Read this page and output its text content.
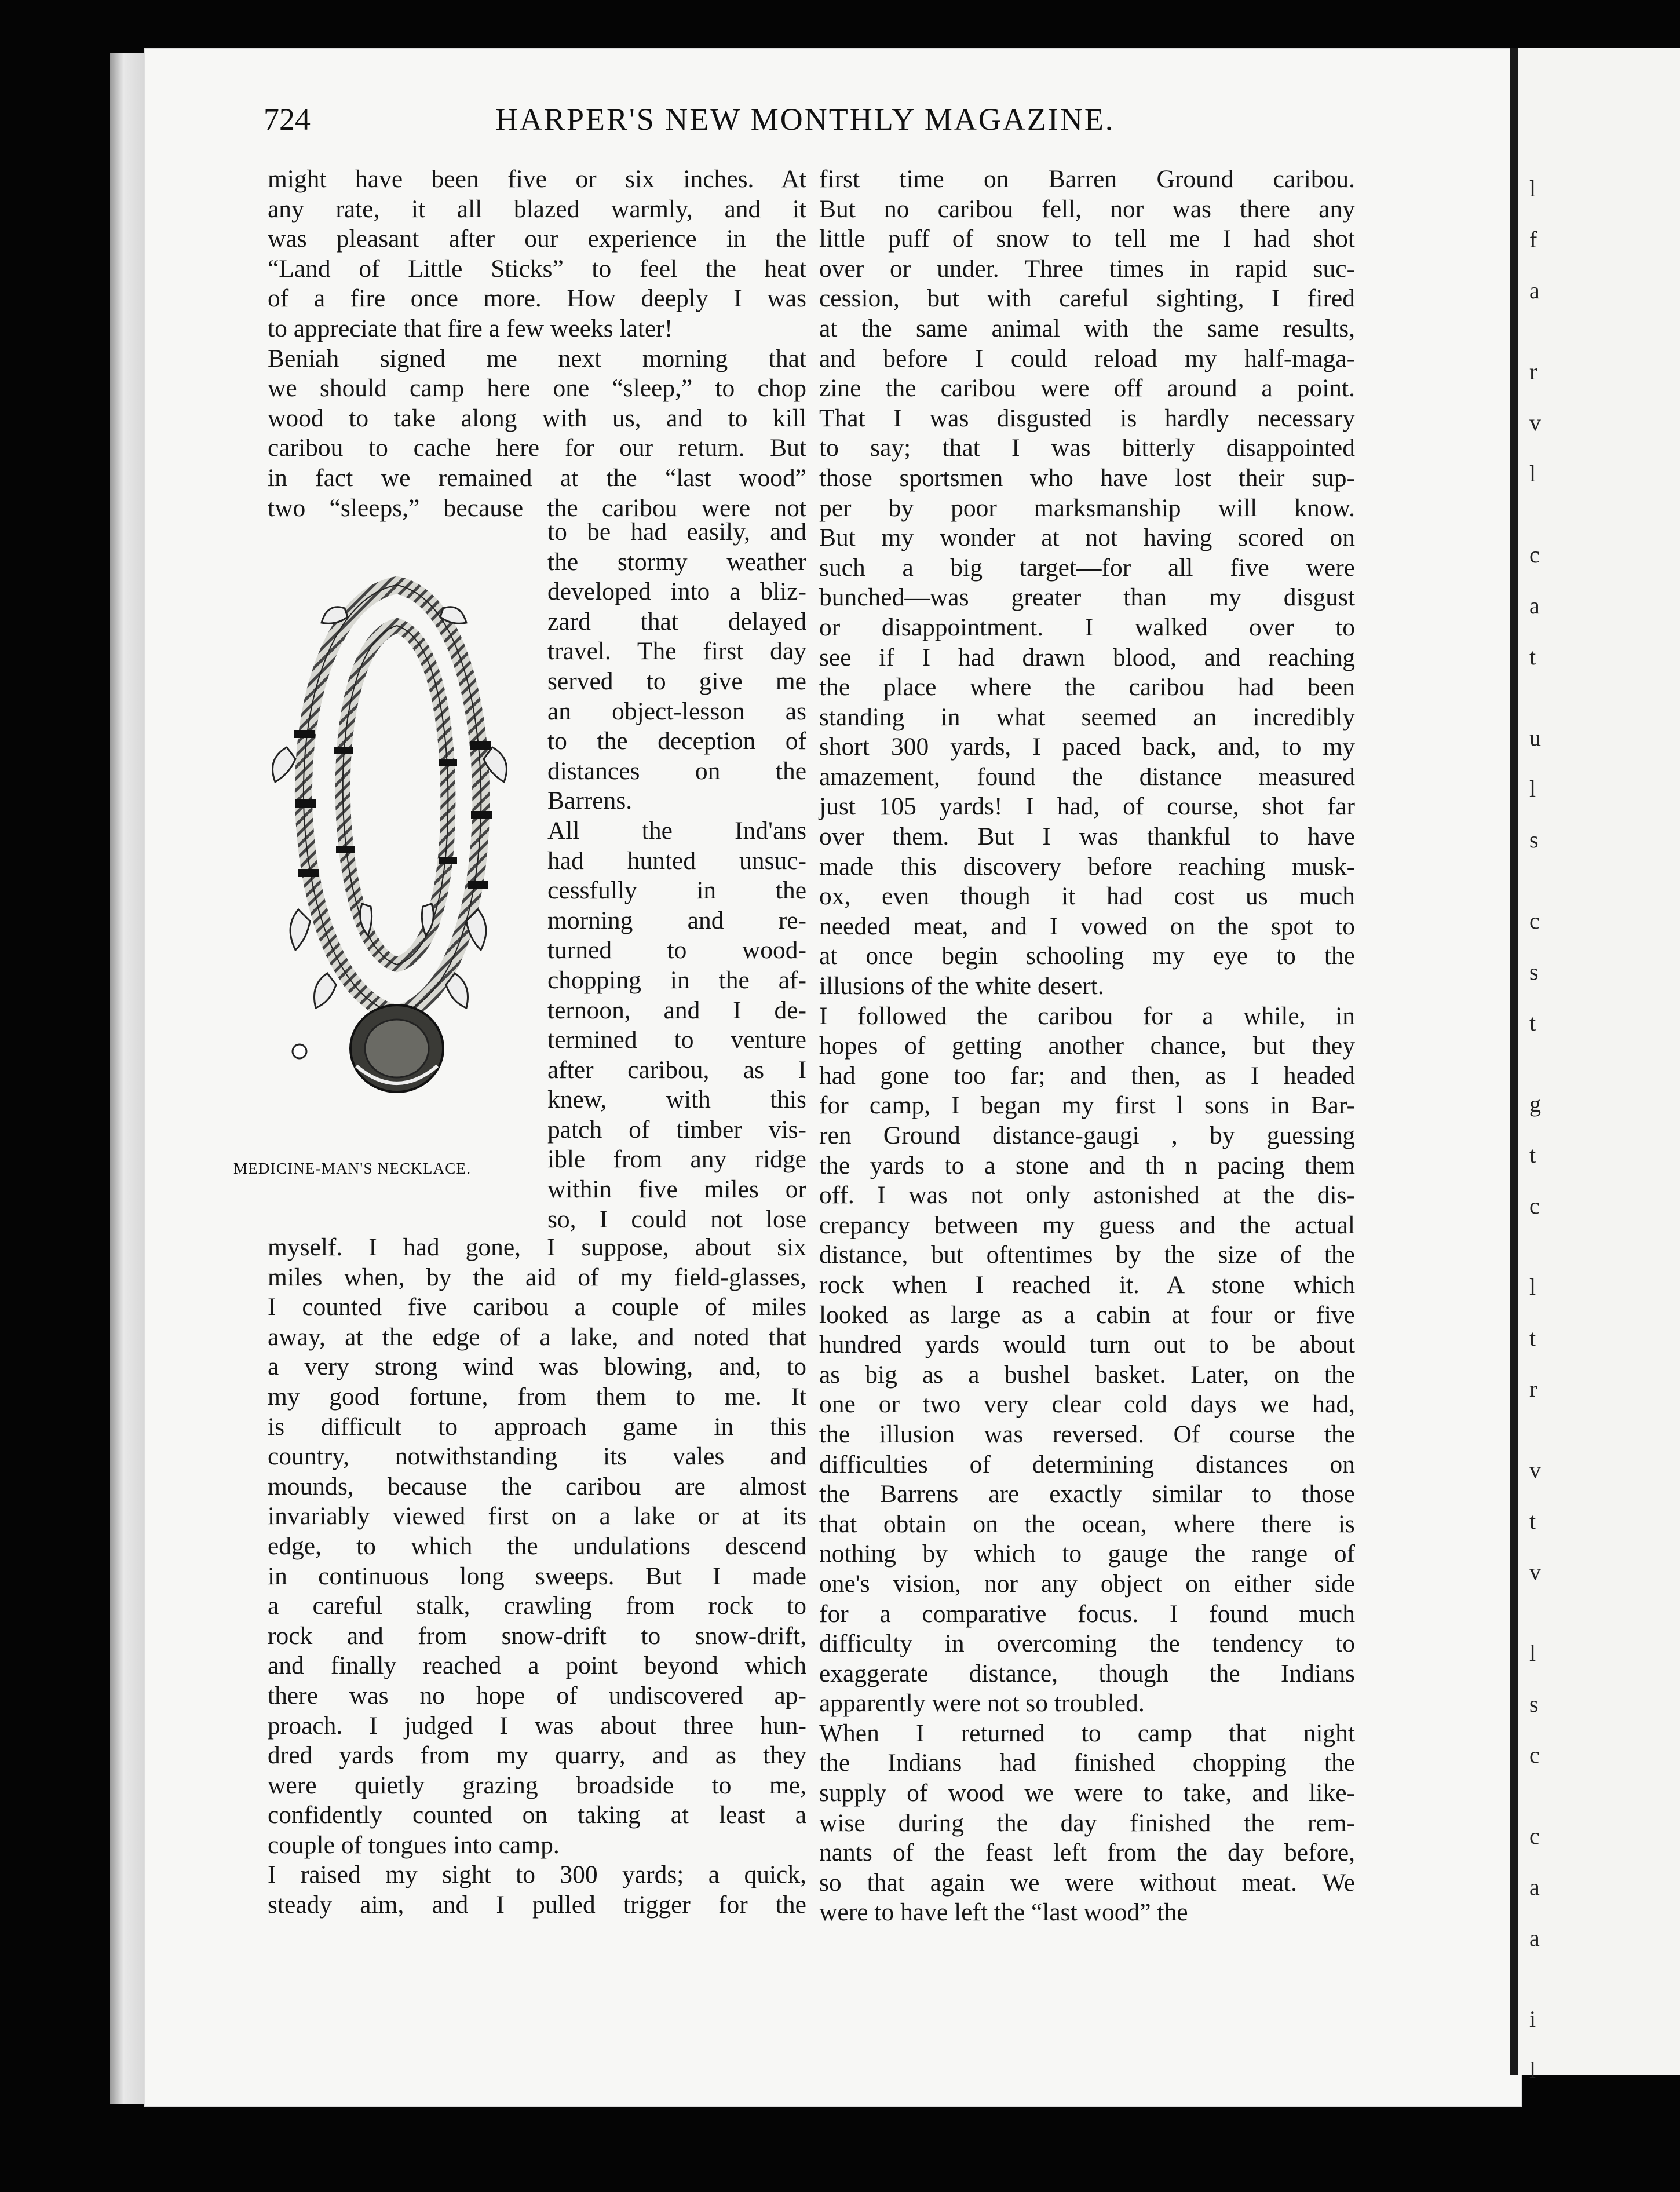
724	HARPER'S NEW MONTHLY MAGAZINE.
might have been five or six inches. At
any rate, it all blazed warmly, and it
was pleasant after our experience in the
“Land of Little Sticks” to feel the heat
of a fire once more. How deeply I was
to appreciate that fire a few weeks later!
Beniah signed me next morning that
we should camp here one “sleep,” to chop
wood to take along with us, and to kill
caribou to cache here for our return. But
in fact we remained at the “last wood”
two “sleeps,” because the caribou were not
to be had easily, and
the stormy weather
developed into a bliz-
zard that delayed
travel. The first day
served to give me
an object-lesson as
to the deception of
distances on the
Barrens.
All the Ind'ans
had hunted unsuc-
cessfully in the
morning and re-
turned to wood-
chopping in the af-
ternoon, and I de-
termined to venture
after caribou, as I
knew, with this
patch of timber vis-
ible from any ridge
within five miles or
so, I could not lose
myself. I had gone, I suppose, about six
miles when, by the aid of my field-glasses,
I counted five caribou a couple of miles
away, at the edge of a lake, and noted that
a very strong wind was blowing, and, to
my good fortune, from them to me. It
is difficult to approach game in this
country, notwithstanding its vales and
mounds, because the caribou are almost
invariably viewed first on a lake or at its
edge, to which the undulations descend
in continuous long sweeps. But I made
a careful stalk, crawling from rock to
rock and from snow-drift to snow-drift,
and finally reached a point beyond which
there was no hope of undiscovered ap-
proach. I judged I was about three hun-
dred yards from my quarry, and as they
were quietly grazing broadside to me,
confidently counted on taking at least a
couple of tongues into camp.
I raised my sight to 300 yards; a quick,
steady aim, and I pulled trigger for the
first time on Barren Ground caribou.
But no caribou fell, nor was there any
little puff of snow to tell me I had shot
over or under. Three times in rapid suc-
cession, but with careful sighting, I fired
at the same animal with the same results,
and before I could reload my half-maga-
zine the caribou were off around a point.
That I was disgusted is hardly necessary
to say; that I was bitterly disappointed
those sportsmen who have lost their sup-
per by poor marksmanship will know.
But my wonder at not having scored on
such a big target—for all five were
bunched—was greater than my disgust
or disappointment. I walked over to
see if I had drawn blood, and reaching
the place where the caribou had been
standing in what seemed an incredibly
short 300 yards, I paced back, and, to my
amazement, found the distance measured
just 105 yards! I had, of course, shot far
over them. But I was thankful to have
made this discovery before reaching musk-
ox, even though it had cost us much
needed meat, and I vowed on the spot to
at once begin schooling my eye to the
illusions of the white desert.
I followed the caribou for a while, in
hopes of getting another chance, but they
had gone too far; and then, as I headed
for camp, I began my first l sons in Bar-
ren Ground distance-gaugi , by guessing
the yards to a stone and th n pacing them
off. I was not only astonished at the dis-
crepancy between my guess and the actual
distance, but oftentimes by the size of the
rock when I reached it. A stone which
looked as large as a cabin at four or five
hundred yards would turn out to be about
as big as a bushel basket. Later, on the
one or two very clear cold days we had,
the illusion was reversed. Of course the
difficulties of determining distances on
the Barrens are exactly similar to those
that obtain on the ocean, where there is
nothing by which to gauge the range of
one's vision, nor any object on either side
for a comparative focus. I found much
difficulty in overcoming the tendency to
exaggerate distance, though the Indians
apparently were not so troubled.
When I returned to camp that night
the Indians had finished chopping the
supply of wood we were to take, and like-
wise during the day finished the rem-
nants of the feast left from the day before,
so that again we were without meat. We
were to have left the “last wood” the
l
f
a
r
v
l
c
a
t
u
l
s
c
s
t
g
t
c
l
t
r
v
t
v
l
s
c
c
a
a
i
l
MEDICINE-MAN'S NECKLACE.
